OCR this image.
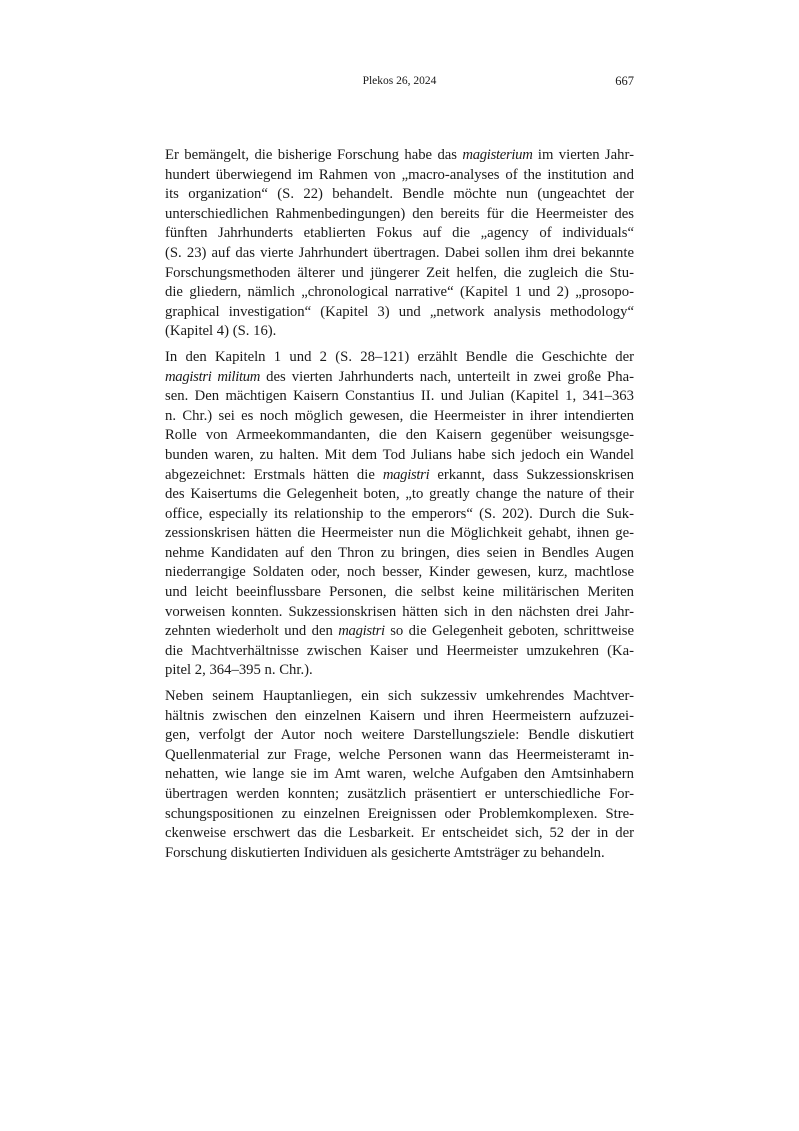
Plekos 26, 2024	667
Er bemängelt, die bisherige Forschung habe das magisterium im vierten Jahr-
hundert überwiegend im Rahmen von „macro-analyses of the institution and
its organization“ (S. 22) behandelt. Bendle möchte nun (ungeachtet der
unterschiedlichen Rahmenbedingungen) den bereits für die Heermeister des
fünften Jahrhunderts etablierten Fokus auf die „agency of individuals“
(S. 23) auf das vierte Jahrhundert übertragen. Dabei sollen ihm drei bekannte
Forschungsmethoden älterer und jüngerer Zeit helfen, die zugleich die Stu-
die gliedern, nämlich „chronological narrative“ (Kapitel 1 und 2) „prosopo-
graphical investigation“ (Kapitel 3) und „network analysis methodology“
(Kapitel 4) (S. 16).
In den Kapiteln 1 und 2 (S. 28–121) erzählt Bendle die Geschichte der
magistri militum des vierten Jahrhunderts nach, unterteilt in zwei große Pha-
sen. Den mächtigen Kaisern Constantius II. und Julian (Kapitel 1, 341–363
n. Chr.) sei es noch möglich gewesen, die Heermeister in ihrer intendierten
Rolle von Armeekommandanten, die den Kaisern gegenüber weisungsge-
bunden waren, zu halten. Mit dem Tod Julians habe sich jedoch ein Wandel
abgezeichnet: Erstmals hätten die magistri erkannt, dass Sukzessionskrisen
des Kaisertums die Gelegenheit boten, „to greatly change the nature of their
office, especially its relationship to the emperors“ (S. 202). Durch die Suk-
zessionskrisen hätten die Heermeister nun die Möglichkeit gehabt, ihnen ge-
nehme Kandidaten auf den Thron zu bringen, dies seien in Bendles Augen
niederrangige Soldaten oder, noch besser, Kinder gewesen, kurz, machtlose
und leicht beeinflussbare Personen, die selbst keine militärischen Meriten
vorweisen konnten. Sukzessionskrisen hätten sich in den nächsten drei Jahr-
zehnten wiederholt und den magistri so die Gelegenheit geboten, schrittweise
die Machtverhältnisse zwischen Kaiser und Heermeister umzukehren (Ka-
pitel 2, 364–395 n. Chr.).
Neben seinem Hauptanliegen, ein sich sukzessiv umkehrendes Machtver-
hältnis zwischen den einzelnen Kaisern und ihren Heermeistern aufzuzei-
gen, verfolgt der Autor noch weitere Darstellungsziele: Bendle diskutiert
Quellenmaterial zur Frage, welche Personen wann das Heermeisteramt in-
nehatten, wie lange sie im Amt waren, welche Aufgaben den Amtsinhabern
übertragen werden konnten; zusätzlich präsentiert er unterschiedliche For-
schungspositionen zu einzelnen Ereignissen oder Problemkomplexen. Stre-
ckenweise erschwert das die Lesbarkeit. Er entscheidet sich, 52 der in der
Forschung diskutierten Individuen als gesicherte Amtsträger zu behandeln.
